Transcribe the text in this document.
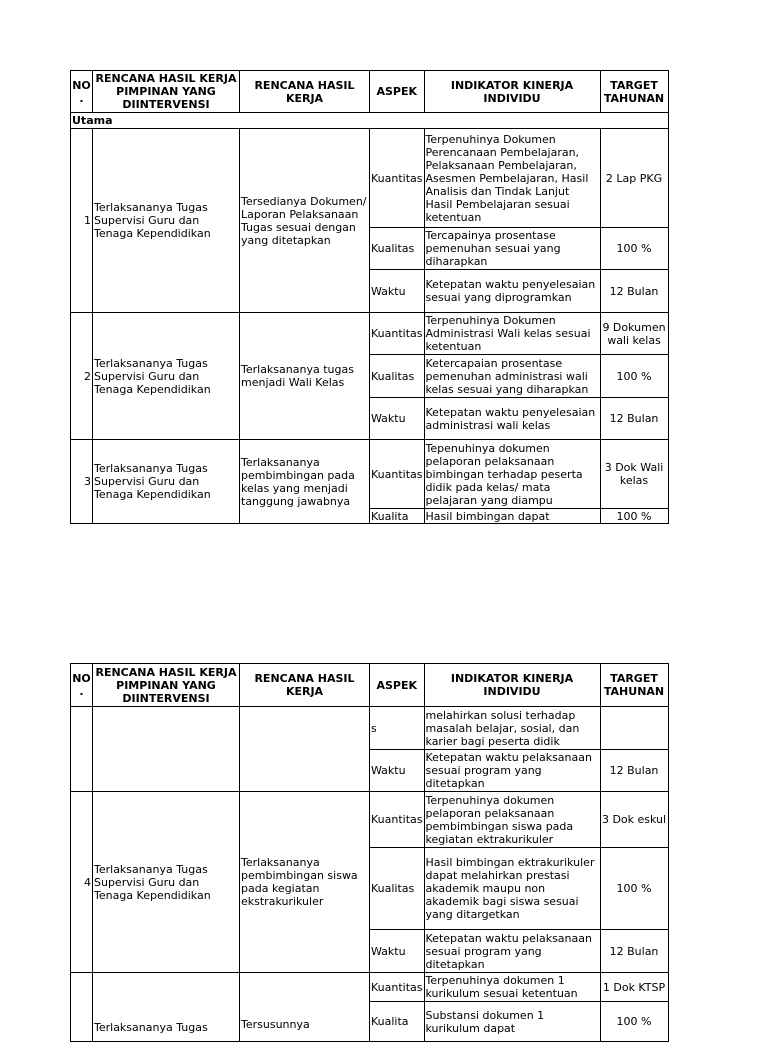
NO .	RENCANA HASIL KERJA PIMPINAN YANG DIINTERVENSI	RENCANA HASIL KERJA	ASPEK	INDIKATOR KINERJA INDIVIDU	TARGET TAHUNAN
Utama					
1	Terlaksananya Tugas Supervisi Guru dan Tenaga Kependidikan	Tersedianya Dokumen/ Laporan Pelaksanaan Tugas sesuai dengan yang ditetapkan	Kuantitas	Terpenuhinya Dokumen Perencanaan Pembelajaran, Pelaksanaan Pembelajaran, Asesmen Pembelajaran, Hasil Analisis dan Tindak Lanjut Hasil Pembelajaran sesuai ketentuan	2 Lap PKG
			Kualitas	Tercapainya prosentase pemenuhan sesuai yang diharapkan	100 %
			Waktu	Ketepatan waktu penyelesaian sesuai yang diprogramkan	12 Bulan
2	Terlaksananya Tugas Supervisi Guru dan Tenaga Kependidikan	Terlaksananya tugas menjadi Wali Kelas	Kuantitas	Terpenuhinya Dokumen Administrasi Wali kelas sesuai ketentuan	9 Dokumen wali kelas
			Kualitas	Ketercapaian prosentase pemenuhan administrasi wali kelas sesuai yang diharapkan	100 %
			Waktu	Ketepatan waktu penyelesaian administrasi wali kelas	12 Bulan
3	Terlaksananya Tugas Supervisi Guru dan Tenaga Kependidikan	Terlaksananya pembimbingan pada kelas yang menjadi tanggung jawabnya	Kuantitas	Tepenuhinya dokumen pelaporan pelaksanaan bimbingan terhadap peserta didik pada kelas/ mata pelajaran yang diampu	3 Dok Wali kelas
			Kualita	Hasil bimbingan dapat	100 %
NO .	RENCANA HASIL KERJA PIMPINAN YANG DIINTERVENSI	RENCANA HASIL KERJA	ASPEK	INDIKATOR KINERJA INDIVIDU	TARGET TAHUNAN
			s	melahirkan solusi terhadap masalah belajar, sosial, dan karier bagi peserta didik	
			Waktu	Ketepatan waktu pelaksanaan sesuai program yang ditetapkan	12 Bulan
4	Terlaksananya Tugas Supervisi Guru dan Tenaga Kependidikan	Terlaksananya pembimbingan siswa pada kegiatan ekstrakurikuler	Kuantitas	Terpenuhinya dokumen pelaporan pelaksanaan pembimbingan siswa pada kegiatan ektrakurikuler	3 Dok eskul
			Kualitas	Hasil bimbingan ektrakurikuler dapat melahirkan prestasi akademik maupu non akademik bagi siswa sesuai yang ditargetkan	100 %
			Waktu	Ketepatan waktu pelaksanaan sesuai program yang ditetapkan	12 Bulan
	Terlaksananya Tugas	Tersusunnya	Kuantitas	Terpenuhinya dokumen 1 kurikulum sesuai ketentuan	1 Dok KTSP
			Kualita	Substansi dokumen 1 kurikulum dapat	100 %
